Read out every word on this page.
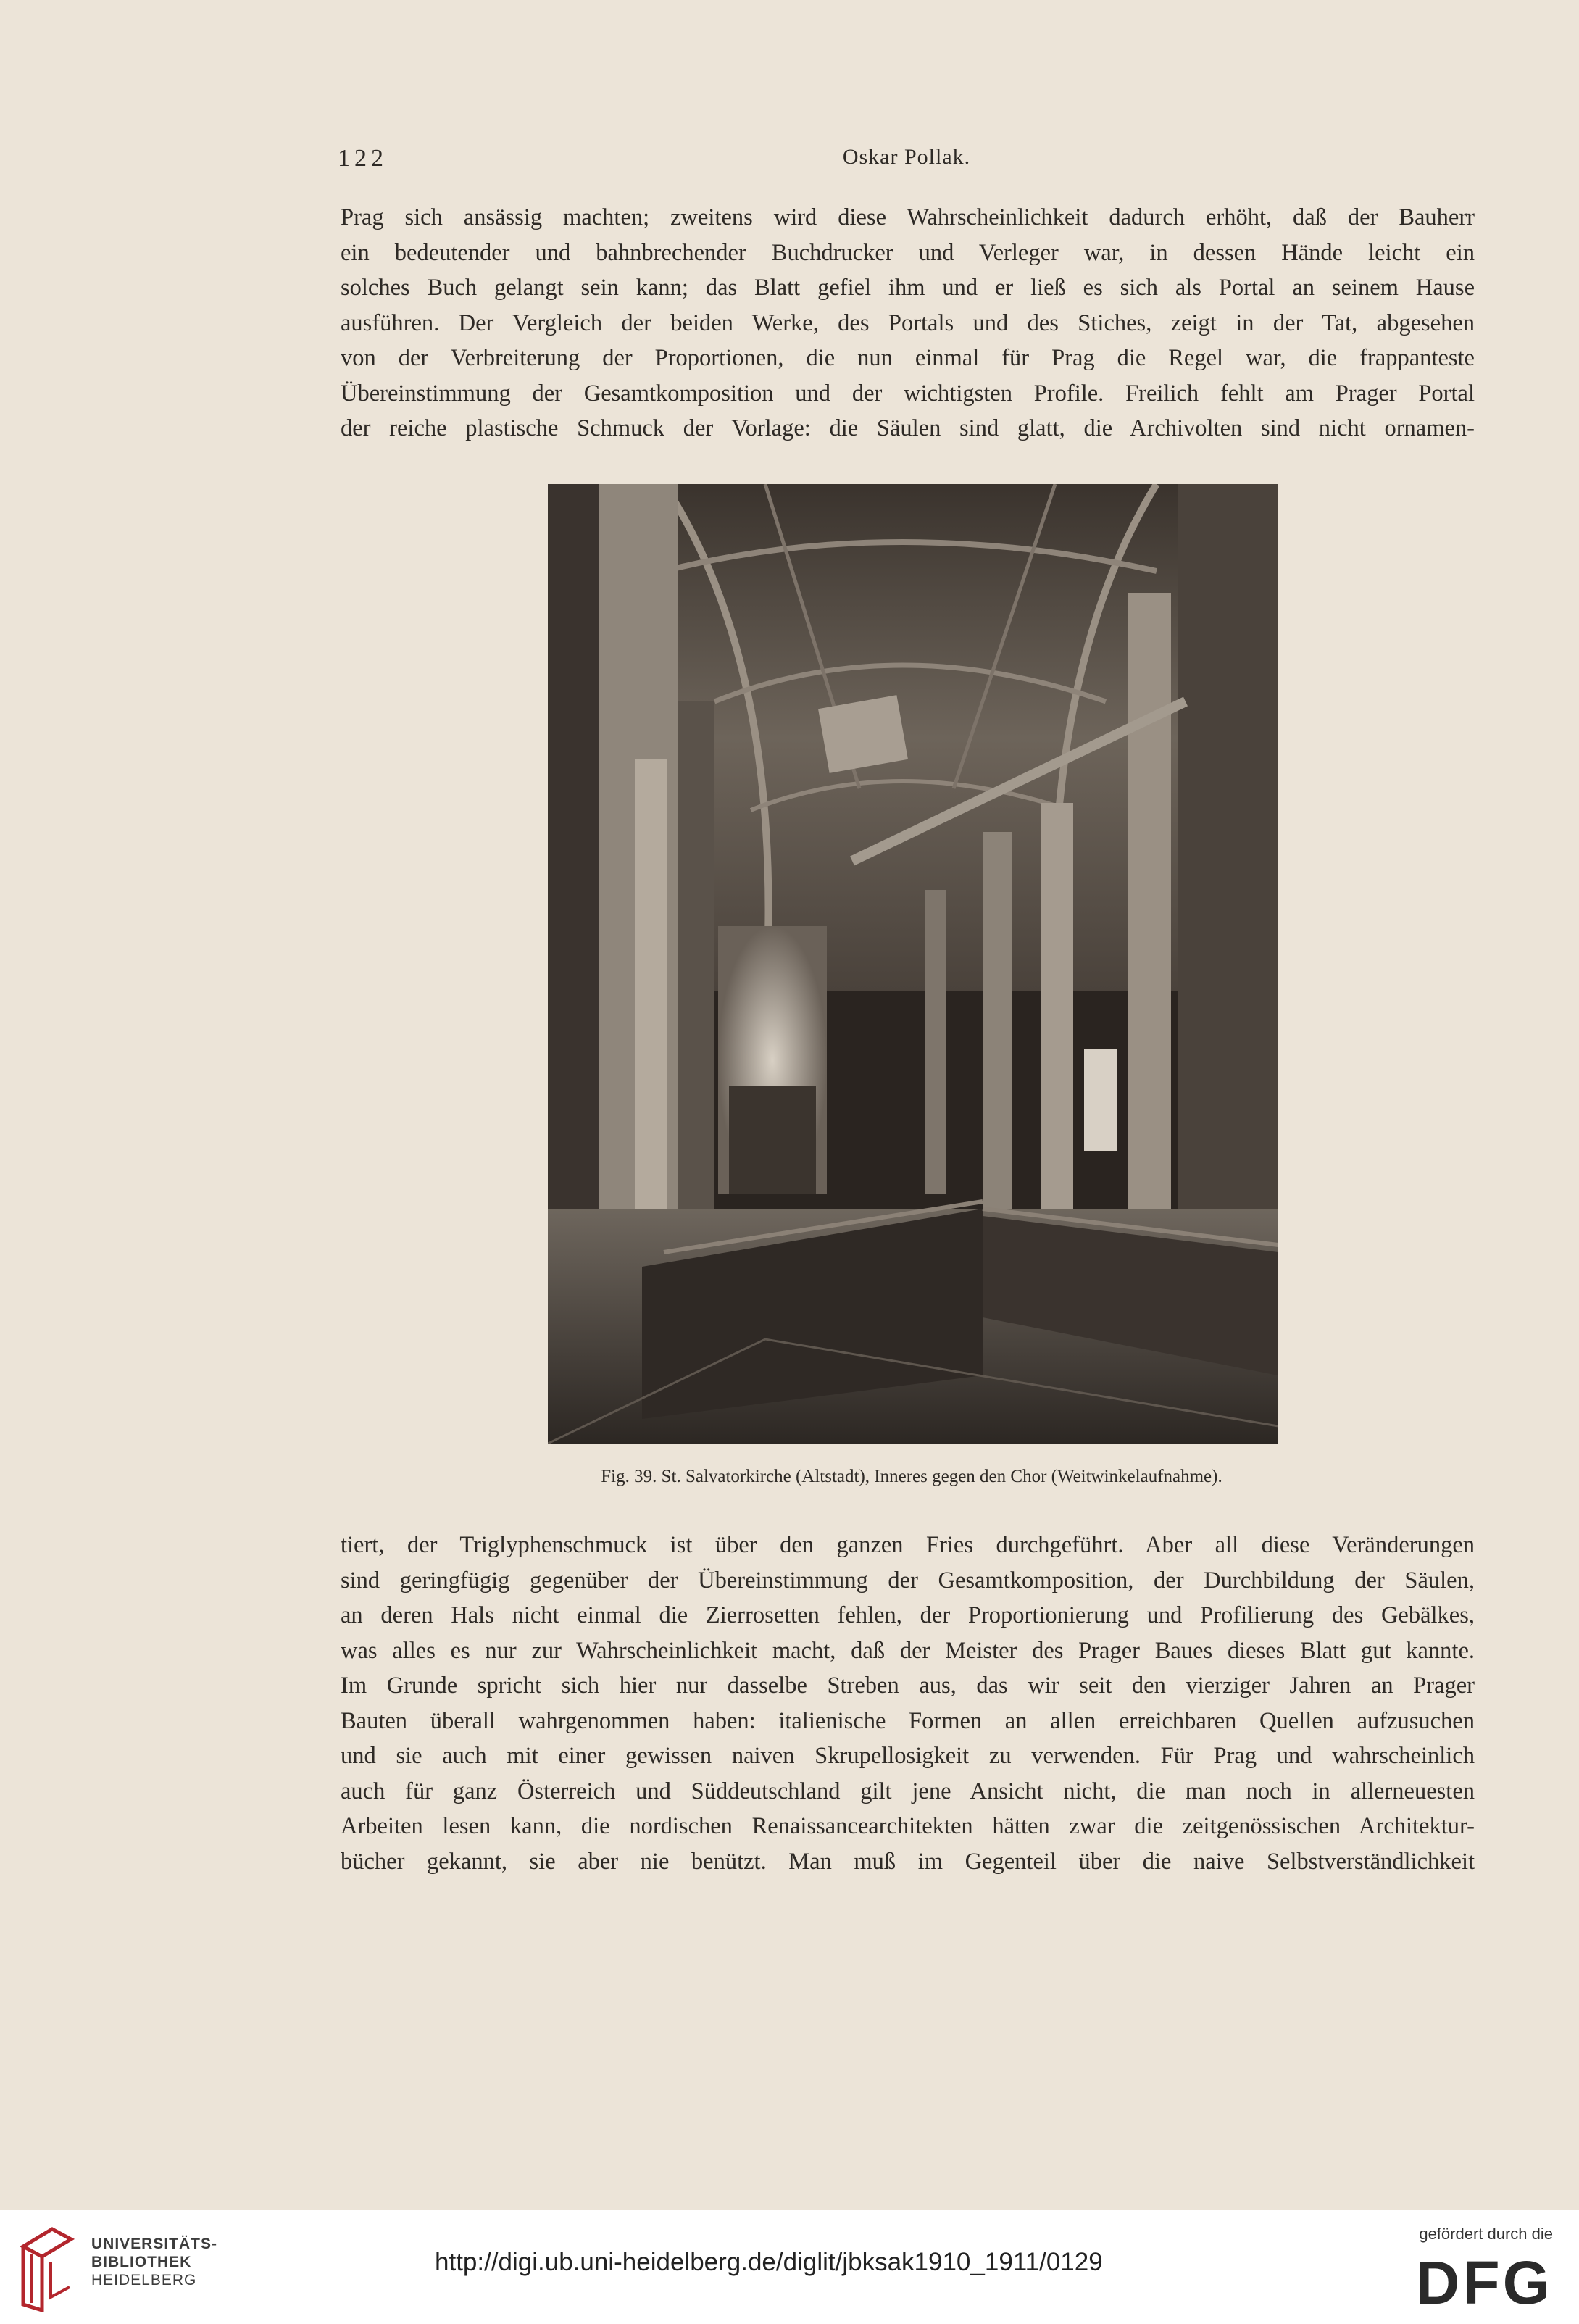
122	Oskar Pollak.
Prag sich ansässig machten; zweitens wird diese Wahrscheinlichkeit dadurch erhöht, daß der Bauherr
ein bedeutender und bahnbrechender Buchdrucker und Verleger war, in dessen Hände leicht ein
solches Buch gelangt sein kann; das Blatt gefiel ihm und er ließ es sich als Portal an seinem Hause
ausführen. Der Vergleich der beiden Werke, des Portals und des Stiches, zeigt in der Tat, abgesehen
von der Verbreiterung der Proportionen, die nun einmal für Prag die Regel war, die frappanteste
Übereinstimmung der Gesamtkomposition und der wichtigsten Profile. Freilich fehlt am Prager Portal
der reiche plastische Schmuck der Vorlage: die Säulen sind glatt, die Archivolten sind nicht ornamen-
Fig. 39. St. Salvatorkirche (Altstadt), Inneres gegen den Chor (Weitwinkelaufnahme).
tiert, der Triglyphenschmuck ist über den ganzen Fries durchgeführt. Aber all diese Veränderungen
sind geringfügig gegenüber der Übereinstimmung der Gesamtkomposition, der Durchbildung der Säulen,
an deren Hals nicht einmal die Zierrosetten fehlen, der Proportionierung und Profilierung des Gebälkes,
was alles es nur zur Wahrscheinlichkeit macht, daß der Meister des Prager Baues dieses Blatt gut kannte.
Im Grunde spricht sich hier nur dasselbe Streben aus, das wir seit den vierziger Jahren an Prager
Bauten überall wahrgenommen haben: italienische Formen an allen erreichbaren Quellen aufzusuchen
und sie auch mit einer gewissen naiven Skrupellosigkeit zu verwenden. Für Prag und wahrscheinlich
auch für ganz Österreich und Süddeutschland gilt jene Ansicht nicht, die man noch in allerneuesten
Arbeiten lesen kann, die nordischen Renaissancearchitekten hätten zwar die zeitgenössischen Architektur-
bücher gekannt, sie aber nie benützt. Man muß im Gegenteil über die naive Selbstverständlichkeit
UNIVERSITÄTS-
BIBLIOTHEK
HEIDELBERG
http://digi.ub.uni-heidelberg.de/diglit/jbksak1910_1911/0129
gefördert durch die
DFG
